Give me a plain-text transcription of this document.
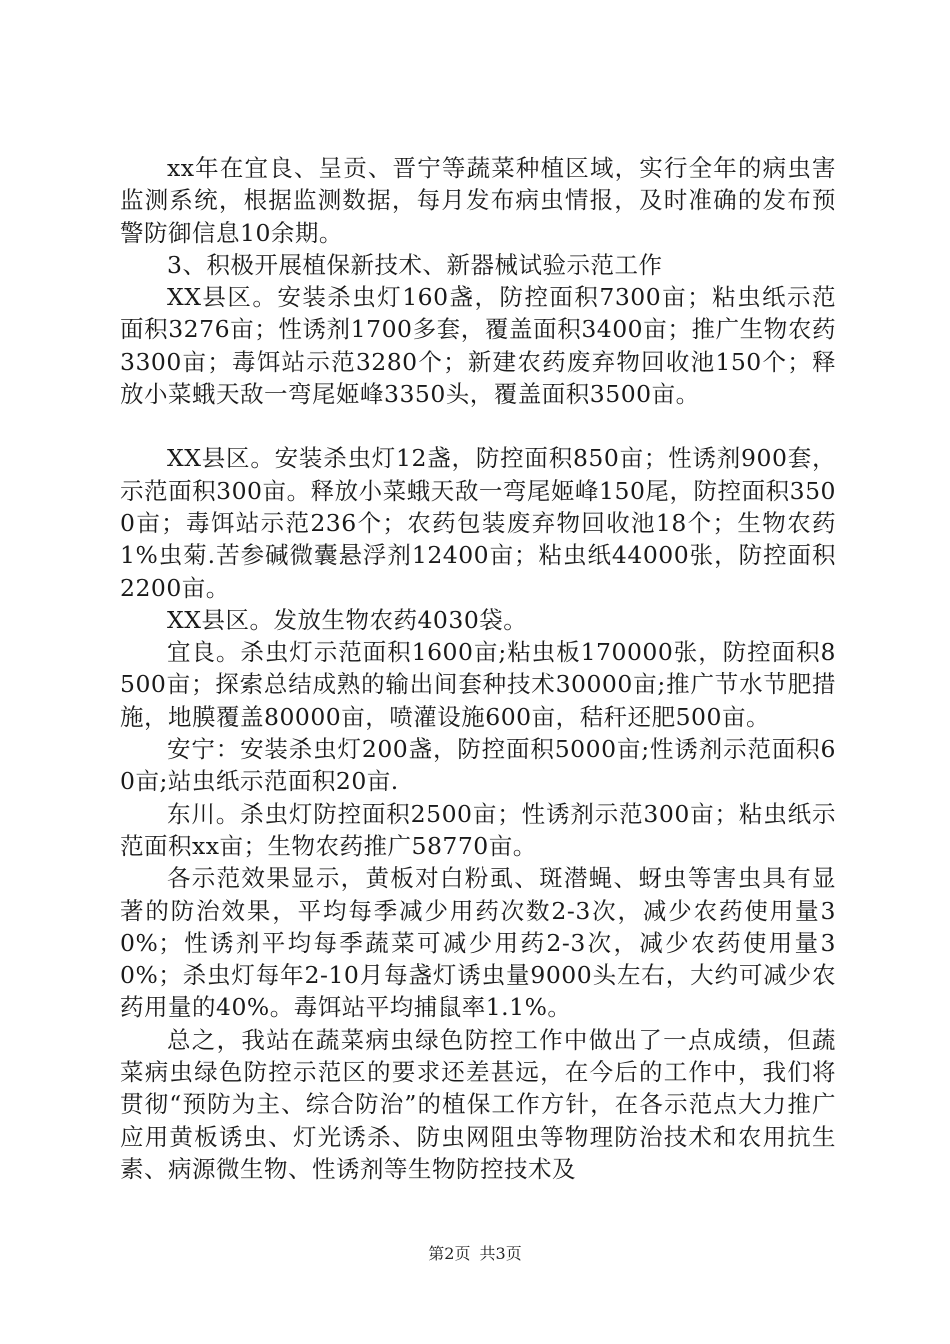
xx年在宜良、呈贡、晋宁等蔬菜种植区域，实行全年的病虫害监测系统，根据监测数据，每月发布病虫情报，及时准确的发布预警防御信息10余期。

3、积极开展植保新技术、新器械试验示范工作

XX县区。安装杀虫灯160盏，防控面积7300亩；粘虫纸示范面积3276亩；性诱剂1700多套，覆盖面积3400亩；推广生物农药3300亩；毒饵站示范3280个；新建农药废弃物回收池150个；释放小菜蛾天敌一弯尾姬峰3350头，覆盖面积3500亩。

XX县区。安装杀虫灯12盏，防控面积850亩；性诱剂900套，示范面积300亩。释放小菜蛾天敌一弯尾姬峰150尾，防控面积3500亩；毒饵站示范236个；农药包装废弃物回收池18个；生物农药1%虫菊.苦参碱微囊悬浮剂12400亩；粘虫纸44000张，防控面积2200亩。

XX县区。发放生物农药4030袋。

宜良。杀虫灯示范面积1600亩;粘虫板170000张，防控面积8500亩；探索总结成熟的输出间套种技术30000亩;推广节水节肥措施，地膜覆盖80000亩，喷灌设施600亩，秸秆还肥500亩。

安宁：安装杀虫灯200盏，防控面积5000亩;性诱剂示范面积60亩;站虫纸示范面积20亩.

东川。杀虫灯防控面积2500亩；性诱剂示范300亩；粘虫纸示范面积xx亩；生物农药推广58770亩。

各示范效果显示，黄板对白粉虱、斑潜蝇、蚜虫等害虫具有显著的防治效果，平均每季减少用药次数2-3次，减少农药使用量30%；性诱剂平均每季蔬菜可减少用药2-3次，减少农药使用量30%；杀虫灯每年2-10月每盏灯诱虫量9000头左右，大约可减少农药用量的40%。毒饵站平均捕鼠率1.1%。

总之，我站在蔬菜病虫绿色防控工作中做出了一点成绩，但蔬菜病虫绿色防控示范区的要求还差甚远，在今后的工作中，我们将贯彻“预防为主、综合防治”的植保工作方针，在各示范点大力推广应用黄板诱虫、灯光诱杀、防虫网阻虫等物理防治技术和农用抗生素、病源微生物、性诱剂等生物防控技术及

第2页 共3页
